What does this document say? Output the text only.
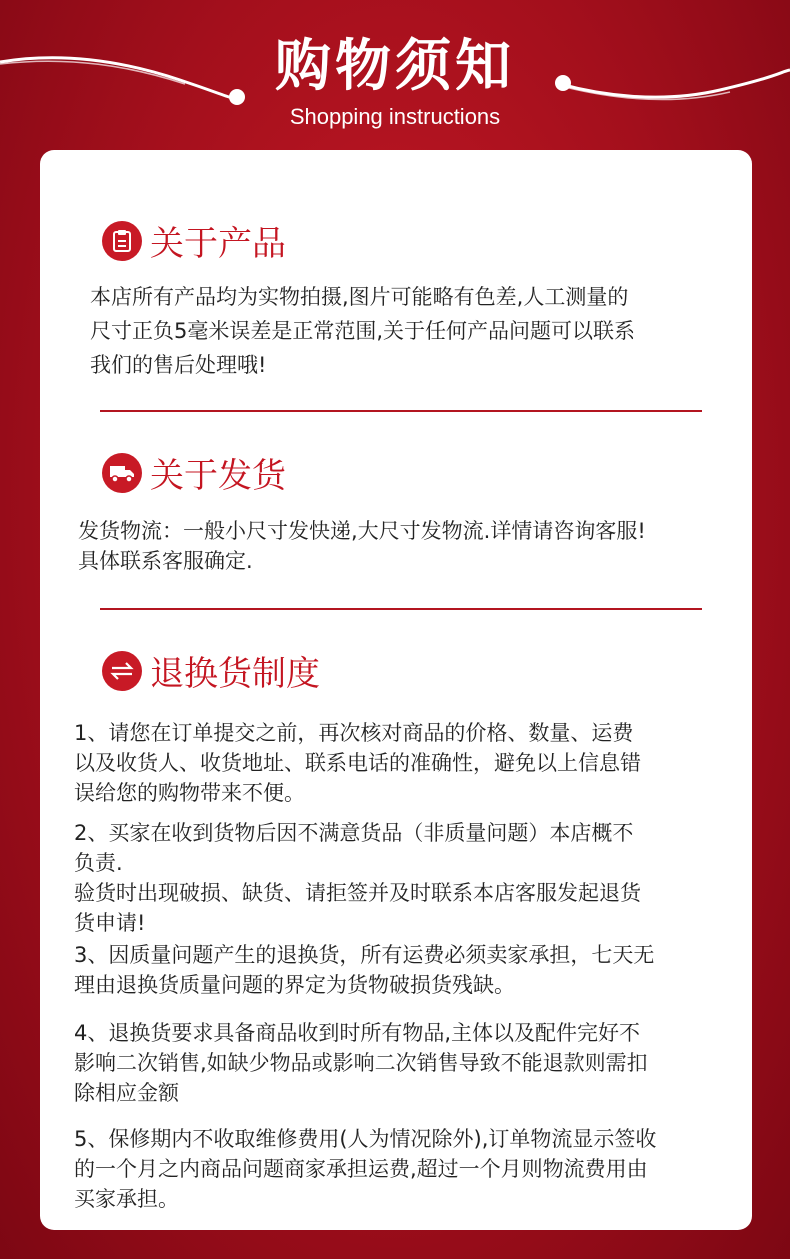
购物须知
Shopping instructions
关于产品
本店所有产品均为实物拍摄,图片可能略有色差,人工测量的
尺寸正负5毫米误差是正常范围,关于任何产品问题可以联系
我们的售后处理哦!
关于发货
发货物流：一般小尺寸发快递,大尺寸发物流.详情请咨询客服!
具体联系客服确定.
退换货制度
1、请您在订单提交之前，再次核对商品的价格、数量、运费
以及收货人、收货地址、联系电话的准确性，避免以上信息错
误给您的购物带来不便。
2、买家在收到货物后因不满意货品（非质量问题）本店概不
负责.
验货时出现破损、缺货、请拒签并及时联系本店客服发起退货
货申请!
3、因质量问题产生的退换货，所有运费必须卖家承担，七天无
理由退换货质量问题的界定为货物破损货残缺。
4、退换货要求具备商品收到时所有物品,主体以及配件完好不
影响二次销售,如缺少物品或影响二次销售导致不能退款则需扣
除相应金额
5、保修期内不收取维修费用(人为情况除外),订单物流显示签收
的一个月之内商品问题商家承担运费,超过一个月则物流费用由
买家承担。
